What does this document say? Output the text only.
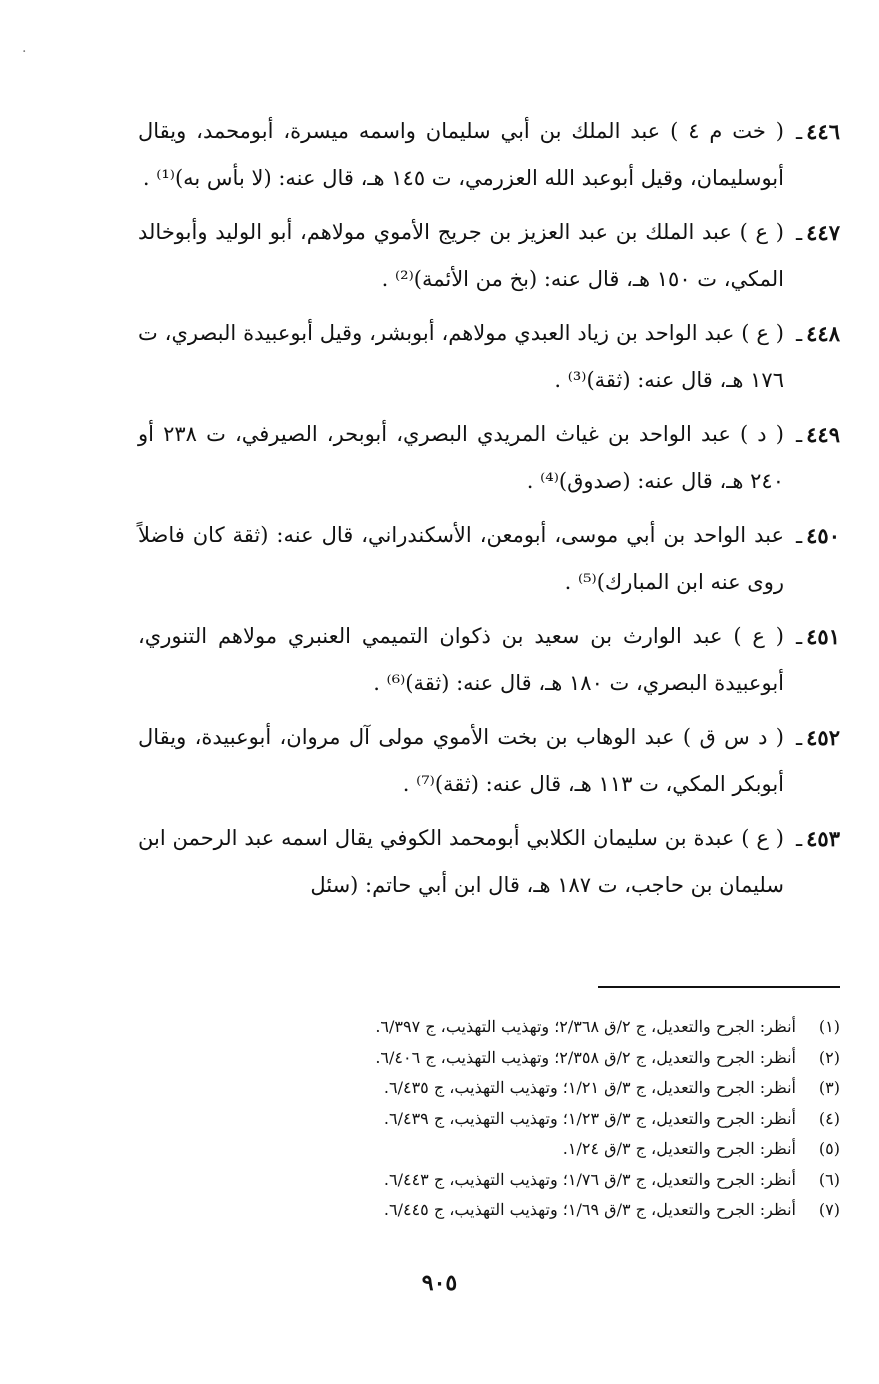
.
٤٤٦ـ
( خت م ٤ ) عبد الملك بن أبي سليمان واسمه ميسرة، أبومحمد، ويقال أبوسليمان، وقيل أبوعبد الله العزرمي، ت ١٤٥ هـ، قال عنه: (لا بأس به)⁽¹⁾ .
٤٤٧ـ
( ع ) عبد الملك بن عبد العزيز بن جريج الأموي مولاهم، أبو الوليد وأبوخالد المكي، ت ١٥٠ هـ، قال عنه: (بخ من الأئمة)⁽²⁾ .
٤٤٨ـ
( ع ) عبد الواحد بن زياد العبدي مولاهم، أبوبشر، وقيل أبوعبيدة البصري، ت ١٧٦ هـ، قال عنه: (ثقة)⁽³⁾ .
٤٤٩ـ
( د ) عبد الواحد بن غياث المريدي البصري، أبوبحر، الصيرفي، ت ٢٣٨ أو ٢٤٠ هـ، قال عنه: (صدوق)⁽⁴⁾ .
٤٥٠ـ
عبد الواحد بن أبي موسى، أبومعن، الأسكندراني، قال عنه: (ثقة كان فاضلاً روى عنه ابن المبارك)⁽⁵⁾ .
٤٥١ـ
( ع ) عبد الوارث بن سعيد بن ذكوان التميمي العنبري مولاهم التنوري، أبوعبيدة البصري، ت ١٨٠ هـ، قال عنه: (ثقة)⁽⁶⁾ .
٤٥٢ـ
( د س ق ) عبد الوهاب بن بخت الأموي مولى آل مروان، أبوعبيدة، ويقال أبوبكر المكي، ت ١١٣ هـ، قال عنه: (ثقة)⁽⁷⁾ .
٤٥٣ـ
( ع ) عبدة بن سليمان الكلابي أبومحمد الكوفي يقال اسمه عبد الرحمن ابن سليمان بن حاجب، ت ١٨٧ هـ، قال ابن أبي حاتم: (سئل
(١)
أنظر: الجرح والتعديل، ج ٢/ق ٢/٣٦٨؛ وتهذيب التهذيب، ج ٦/٣٩٧.
(٢)
أنظر: الجرح والتعديل، ج ٢/ق ٢/٣٥٨؛ وتهذيب التهذيب، ج ٦/٤٠٦.
(٣)
أنظر: الجرح والتعديل، ج ٣/ق ١/٢١؛ وتهذيب التهذيب، ج ٦/٤٣٥.
(٤)
أنظر: الجرح والتعديل، ج ٣/ق ١/٢٣؛ وتهذيب التهذيب، ج ٦/٤٣٩.
(٥)
أنظر: الجرح والتعديل، ج ٣/ق ١/٢٤.
(٦)
أنظر: الجرح والتعديل، ج ٣/ق ١/٧٦؛ وتهذيب التهذيب، ج ٦/٤٤٣.
(٧)
أنظر: الجرح والتعديل، ج ٣/ق ١/٦٩؛ وتهذيب التهذيب، ج ٦/٤٤٥.
٩٠٥
